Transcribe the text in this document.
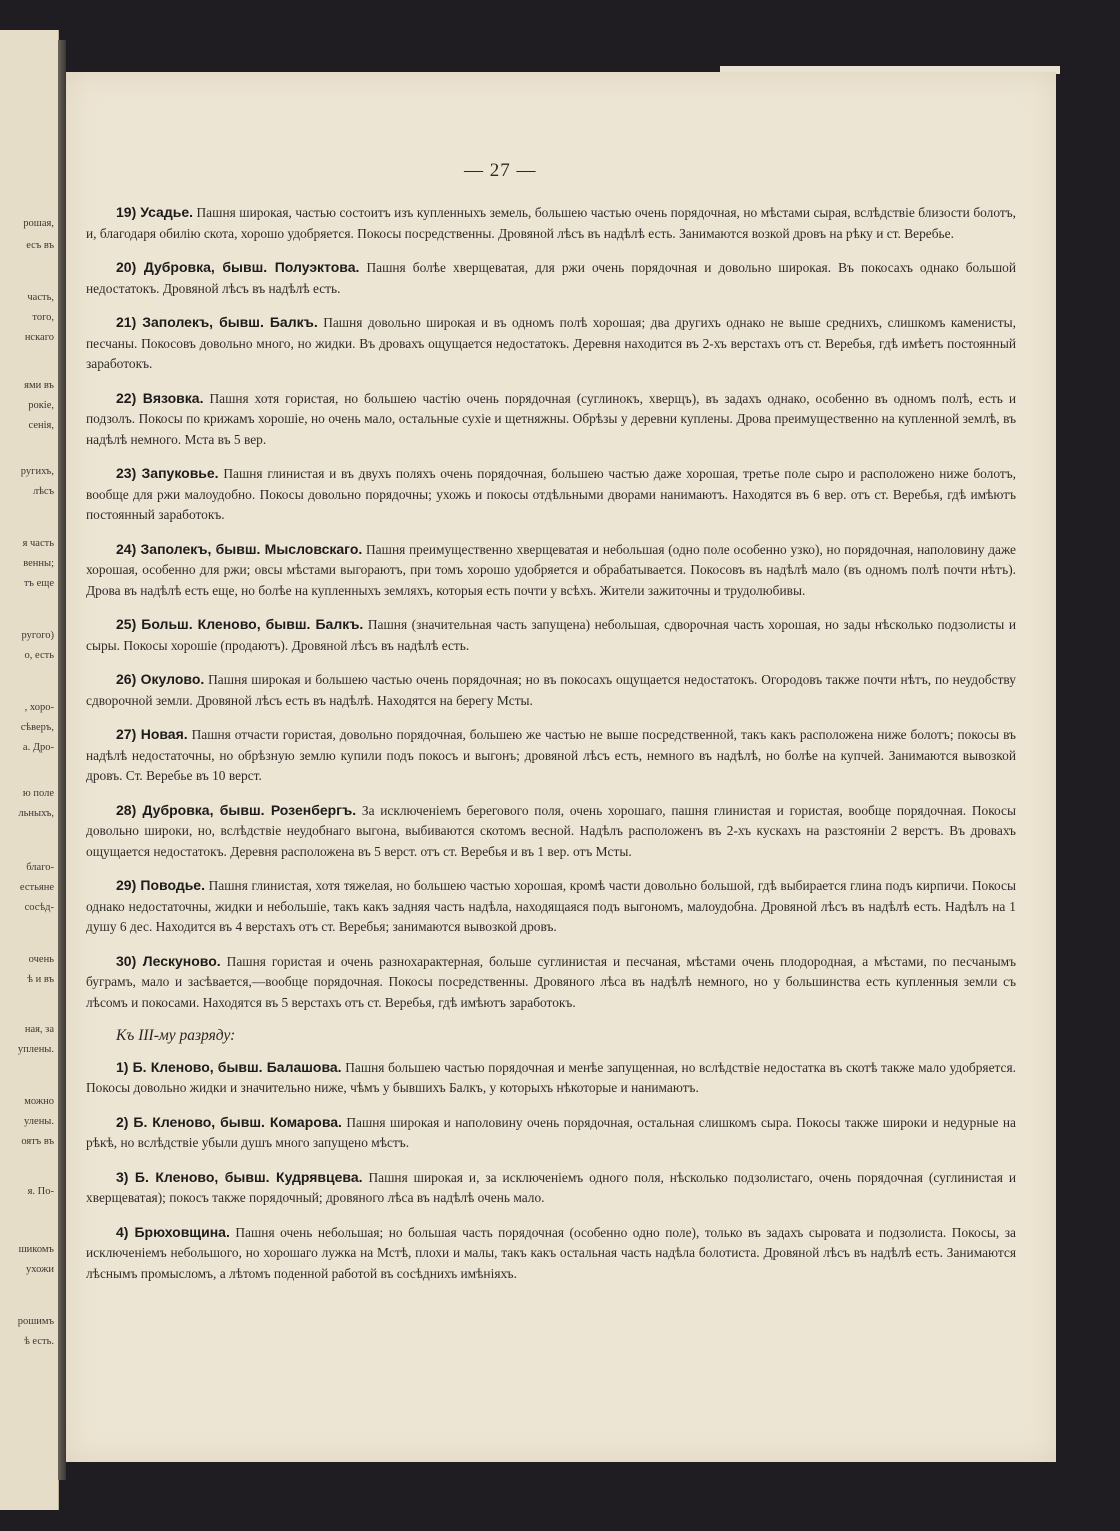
рошая,
есъ въ
часть,
того,
нскаго
ями въ
рокіе,
сенія,
ругихъ,
лѣсъ
я часть
венны;
тъ еще
ругого)
о, есть
, хоро-
сѣверъ,
а. Дро-
ю поле
льныхъ,
благо-
естьяне
сосѣд-
очень
ѣ и въ
ная, за
уплены.
можно
улены.
оятъ въ
я. По-
шикомъ
ухожи
рошимъ
ѣ есть.
— 27 —

19) Усадье. Пашня широкая, частью состоитъ изъ купленныхъ земель, большею частью очень порядочная, но мѣстами сырая, вслѣдствіе близости болотъ, и, благодаря обилію скота, хорошо удобряется. Покосы посредственны. Дровяной лѣсъ въ надѣлѣ есть. Занимаются возкой дровъ на рѣку и ст. Веребье.

20) Дубровка, бывш. Полуэктова. Пашня болѣе хверщеватая, для ржи очень порядочная и довольно широкая. Въ покосахъ однако большой недостатокъ. Дровяной лѣсъ въ надѣлѣ есть.

21) Заполекъ, бывш. Балкъ. Пашня довольно широкая и въ одномъ полѣ хорошая; два другихъ однако не выше среднихъ, слишкомъ каменисты, песчаны. Покосовъ довольно много, но жидки. Въ дровахъ ощущается недостатокъ. Деревня находится въ 2-хъ верстахъ отъ ст. Веребья, гдѣ имѣетъ постоянный заработокъ.

22) Вязовка. Пашня хотя гористая, но большею частію очень порядочная (суглинокъ, хверщъ), въ задахъ однако, особенно въ одномъ полѣ, есть и подзолъ. Покосы по крижамъ хорошіе, но очень мало, остальные сухіе и щетняжны. Обрѣзы у деревни куплены. Дрова преимущественно на купленной землѣ, въ надѣлѣ немного. Мста въ 5 вер.

23) Запуковье. Пашня глинистая и въ двухъ поляхъ очень порядочная, большею частью даже хорошая, третье поле сыро и расположено ниже болотъ, вообще для ржи малоудобно. Покосы довольно порядочны; ухожь и покосы отдѣльными дворами нанимаютъ. Находятся въ 6 вер. отъ ст. Веребья, гдѣ имѣютъ постоянный заработокъ.

24) Заполекъ, бывш. Мысловскаго. Пашня преимущественно хверщеватая и небольшая (одно поле особенно узко), но порядочная, наполовину даже хорошая, особенно для ржи; овсы мѣстами выгораютъ, при томъ хорошо удобряется и обрабатывается. Покосовъ въ надѣлѣ мало (въ одномъ полѣ почти нѣтъ). Дрова въ надѣлѣ есть еще, но болѣе на купленныхъ земляхъ, которыя есть почти у всѣхъ. Жители зажиточны и трудолюбивы.

25) Больш. Кленово, бывш. Балкъ. Пашня (значительная часть запущена) небольшая, сдворочная часть хорошая, но зады нѣсколько подзолисты и сыры. Покосы хорошіе (продаютъ). Дровяной лѣсъ въ надѣлѣ есть.

26) Окулово. Пашня широкая и большею частью очень порядочная; но въ покосахъ ощущается недостатокъ. Огородовъ также почти нѣтъ, по неудобству сдворочной земли. Дровяной лѣсъ есть въ надѣлѣ. Находятся на берегу Мсты.

27) Новая. Пашня отчасти гористая, довольно порядочная, большею же частью не выше посредственной, такъ какъ расположена ниже болотъ; покосы въ надѣлѣ недостаточны, но обрѣзную землю купили подъ покосъ и выгонъ; дровяной лѣсъ есть, немного въ надѣлѣ, но болѣе на купчей. Занимаются вывозкой дровъ. Ст. Веребье въ 10 верст.

28) Дубровка, бывш. Розенбергъ. За исключеніемъ берегового поля, очень хорошаго, пашня глинистая и гористая, вообще порядочная. Покосы довольно широки, но, вслѣдствіе неудобнаго выгона, выбиваются скотомъ весной. Надѣлъ расположенъ въ 2-хъ кускахъ на разстояніи 2 верстъ. Въ дровахъ ощущается недостатокъ. Деревня расположена въ 5 верст. отъ ст. Веребья и въ 1 вер. отъ Мсты.

29) Поводье. Пашня глинистая, хотя тяжелая, но большею частью хорошая, кромѣ части довольно большой, гдѣ выбирается глина подъ кирпичи. Покосы однако недостаточны, жидки и небольшіе, такъ какъ задняя часть надѣла, находящаяся подъ выгономъ, малоудобна. Дровяной лѣсъ въ надѣлѣ есть. Надѣлъ на 1 душу 6 дес. Находится въ 4 верстахъ отъ ст. Веребья; занимаются вывозкой дровъ.

30) Лескуново. Пашня гористая и очень разнохарактерная, больше суглинистая и песчаная, мѣстами очень плодородная, а мѣстами, по песчанымъ буграмъ, мало и засѣвается,—вообще порядочная. Покосы посредственны. Дровяного лѣса въ надѣлѣ немного, но у большинства есть купленныя земли съ лѣсомъ и покосами. Находятся въ 5 верстахъ отъ ст. Веребья, гдѣ имѣютъ заработокъ.

Къ III-му разряду:

1) Б. Кленово, бывш. Балашова. Пашня большею частью порядочная и менѣе запущенная, но вслѣдствіе недостатка въ скотѣ также мало удобряется. Покосы довольно жидки и значительно ниже, чѣмъ у бывшихъ Балкъ, у которыхъ нѣкоторые и нанимаютъ.

2) Б. Кленово, бывш. Комарова. Пашня широкая и наполовину очень порядочная, остальная слишкомъ сыра. Покосы также широки и недурные на рѣкѣ, но вслѣдствіе убыли душъ много запущено мѣстъ.

3) Б. Кленово, бывш. Кудрявцева. Пашня широкая и, за исключеніемъ одного поля, нѣсколько подзолистаго, очень порядочная (суглинистая и хверщеватая); покосъ также порядочный; дровяного лѣса въ надѣлѣ очень мало.

4) Брюховщина. Пашня очень небольшая; но большая часть порядочная (особенно одно поле), только въ задахъ сыровата и подзолиста. Покосы, за исключеніемъ небольшого, но хорошаго лужка на Мстѣ, плохи и малы, такъ какъ остальная часть надѣла болотиста. Дровяной лѣсъ въ надѣлѣ есть. Занимаются лѣснымъ промысломъ, а лѣтомъ поденной работой въ сосѣднихъ имѣніяхъ.
